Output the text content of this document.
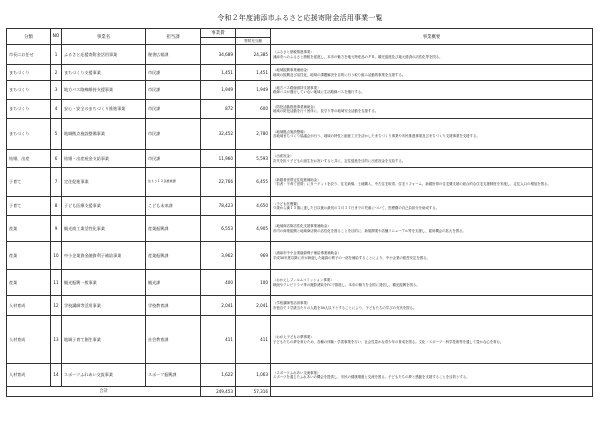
令和２年度浦添市ふるさと応援寄附金活用事業一覧
分類	NO	事業名	担当課	事業費		事業概要
					寄附充当額	
市長にお任せ	1	ふるさと応援寄附金活用事業	秘書広報課	34,689	24,385	（ふるさと納税推進事業）
浦添市へのふるさと納税を促進し、本市の魅力を地元特産品のＰＲ、観光促進及び地元経済の活性化等を図る。

まちづくり	2	まちづくり支援事業	市民課	1,451	1,451	（地域振興事業補助金）
地域の振興及び活性化、地域の課題解決を目的に行う取り組み活動的事業を支援する。

まちづくり	3	地方バス路線維持支援事業	市民課	1,949	1,949	（地方バス路線維持支援事業）
路線バスが運行していない地域に生活路線バスを運行する。

まちづくり	4	安心・安全のまちづくり推進事業	市民課	872	600	（防犯活動推進事業補助金）
地域の防犯活動を行う団体に、見守り等の地域安全活動を支援する。

まちづくり	5	地域拠点施設整備事業	市民課	32,452	2,780	（地域拠点施設整備）
各地域まちづくり協議会が行う、地域の特性と創意工夫を活かしたまちづくり事業や市民推進事業及びまちづくり支援事業を支援する。

結婚、出産	6	結婚・出産祝金支給事業	市民課	11,960	5,593	（出産祝金）
次代を担う子どもの誕生をお祝いすると共に、定住促進を目的に出産祝金を支給する。

子育て	7	定住促進事業	住もう１２条推進課	22,766	6,455	（新婚者世帯定住促進補助金）
「若者・子育て世帯」にターゲットを絞り、住宅新築、土地購入、中古住宅取得、住宅リフォーム、新婚世帯の住宅費支援の総合的な住宅支援制度を実施し、定住人口の増加を図る。

子育て	8	子ども医療支援事業	こども未来課	78,423	4,650	（子ども医療費）
０歳から満１５歳に達した日以後の最初の３月３１日までの児童について、医療費の自己負担分を助成する。

産業	9	観光商工業活性化事業	産業振興課	6,553	4,905	（地域商店街活性化支援事業補助金）
市内の商業振興と地域商店街の活性化を図ることを目的に、新規開業や店舗リニューアル等を支援し、雇用機会の拡大を図る。

産業	10	中小企業資金融資利子補給事業	産業振興課	3,962	969	（浦添市中小企業融資利子補給事業補助金）
平成30年度以降に市が斡旋した融資の利子の一部を補給することにより、中小企業の経営安定を図る。

産業	11	観光振興一般事業	観光課	400	100	（おかえしフィルムコミッション事業）
映画やテレビドラマ等の撮影誘致をFCで推進し、本市の魅力を全国に発信し、観光振興を図る。

人材育成	12	学校講師等活用事業	学校教育課	2,041	2,041	（学校講師等活用事業）
市独自で１学級当たりの人数を34人以下とすることにより、子どもたちの学びの充実を図る。

人材育成	13	地域子育て創生事業	社会教育課	411	411	（おがえ子どもの夢事業）
子どもたちの夢を育むため、各種の体験・学習事業を行い、社会性豊かな青少年の育成を図る。文化・スポーツ・科学技術等を通して豊かな心を育む。

人材育成	14	スポーツふれあい交流事業	スポーツ振興課	1,622	1,063	（スポーツふれあい交流事業）
スポーツを通じたふれあいの機会を提供し、市民の健康増進と交流を図る。子どもたちの夢と感動を支援することを目的とする。

合計				249,453	57,316	
